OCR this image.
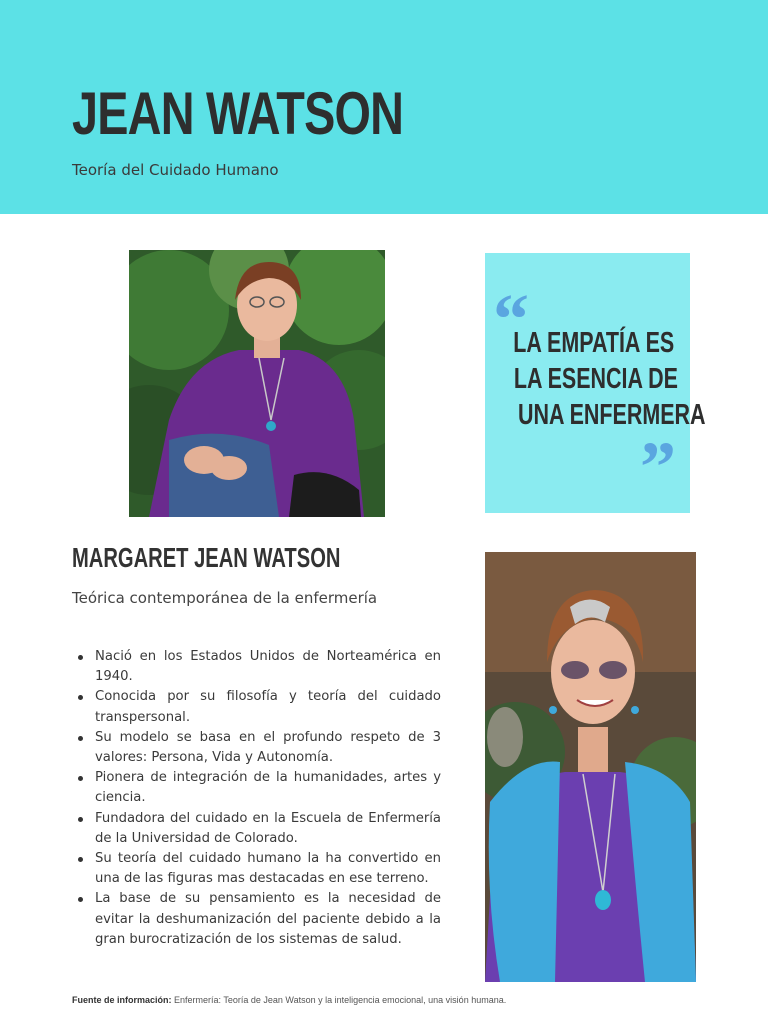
JEAN WATSON

Teoría del Cuidado Humano

“
LA EMPATÍA ES
LA ESENCIA DE
UNA ENFERMERA
”
MARGARET JEAN WATSON

Teórica contemporánea de la enfermería

Nació en los Estados Unidos de Norteamérica en 1940.
Conocida por su filosofía y teoría del cuidado transpersonal.
Su modelo se basa en el profundo respeto de 3 valores: Persona, Vida y Autonomía.
Pionera de integración de la humanidades, artes y ciencia.
Fundadora del cuidado en la Escuela de Enfermería de la Universidad de Colorado.
Su teoría del cuidado humano la ha convertido en una de las figuras mas destacadas en ese terreno.
La base de su pensamiento es la necesidad de evitar la deshumanización del paciente debido a la gran burocratización de los sistemas de salud.

Fuente de información: Enfermería: Teoría de Jean Watson y la inteligencia emocional, una visión humana.
